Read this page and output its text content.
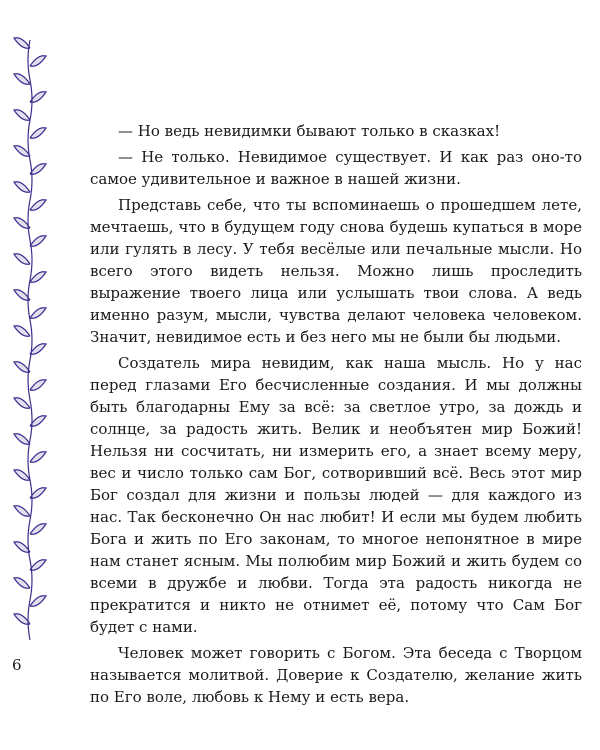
— Но ведь невидимки бывают только в сказках!

— Не только. Невидимое существует. И как раз оно-то самое удивительное и важное в нашей жизни.

Представь себе, что ты вспоминаешь о прошедшем лете, мечтаешь, что в будущем году снова будешь купаться в море или гулять в лесу. У тебя весёлые или печальные мысли. Но всего этого видеть нельзя. Можно лишь проследить выражение твоего лица или услышать твои слова. А ведь именно разум, мысли, чувства делают человека человеком. Значит, невидимое есть и без него мы не были бы людьми.

Создатель мира невидим, как наша мысль. Но у нас перед глазами Его бесчисленные создания. И мы должны быть благодарны Ему за всё: за светлое утро, за дождь и солнце, за радость жить. Велик и необъятен мир Божий! Нельзя ни сосчитать, ни измерить его, а знает всему меру, вес и число только сам Бог, сотворивший всё. Весь этот мир Бог создал для жизни и пользы людей — для каждого из нас. Так бесконечно Он нас любит! И если мы будем любить Бога и жить по Его законам, то многое непонятное в мире нам станет ясным. Мы полюбим мир Божий и жить будем со всеми в дружбе и любви. Тогда эта радость никогда не прекратится и никто не отнимет её, потому что Сам Бог будет с нами.

Человек может говорить с Богом. Эта беседа с Творцом называется молитвой. Доверие к Создателю, желание жить по Его воле, любовь к Нему и есть вера.

6
